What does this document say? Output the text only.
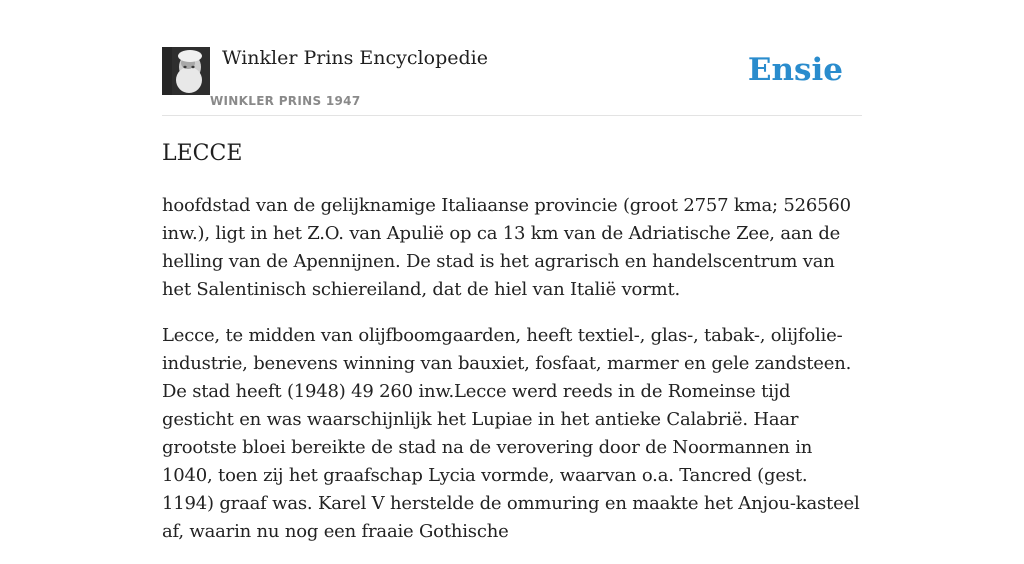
Winkler Prins Encyclopedie
WINKLER PRINS 1947
Ensie
LECCE

hoofdstad van de gelijknamige Italiaanse provincie (groot 2757 kma; 526560 inw.), ligt in het Z.O. van Apulië op ca 13 km van de Adriatische Zee, aan de helling van de Apennijnen. De stad is het agrarisch en handelscentrum van het Salentinisch schiereiland, dat de hiel van Italië vormt.

Lecce, te midden van olijfboomgaarden, heeft textiel-, glas-, tabak-, olijfolie-industrie, benevens winning van bauxiet, fosfaat, marmer en gele zandsteen. De stad heeft (1948) 49 260 inw.Lecce werd reeds in de Romeinse tijd gesticht en was waarschijnlijk het Lupiae in het antieke Calabrië. Haar grootste bloei bereikte de stad na de verovering door de Noormannen in 1040, toen zij het graafschap Lycia vormde, waarvan o.a. Tancred (gest. 1194) graaf was. Karel V herstelde de ommuring en maakte het Anjou-kasteel af, waarin nu nog een fraaie Gothische
